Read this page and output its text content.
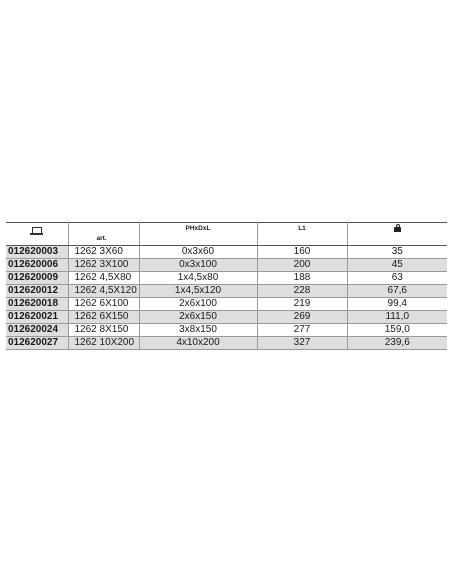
	art.	PHxDxL	L1	

012620003	1262 3X60	0x3x60	160	35
012620006	1262 3X100	0x3x100	200	45
012620009	1262 4,5X80	1x4,5x80	188	63
012620012	1262 4,5X120	1x4,5x120	228	67,6
012620018	1262 6X100	2x6x100	219	99,4
012620021	1262 6X150	2x6x150	269	111,0
012620024	1262 8X150	3x8x150	277	159,0
012620027	1262 10X200	4x10x200	327	239,6
